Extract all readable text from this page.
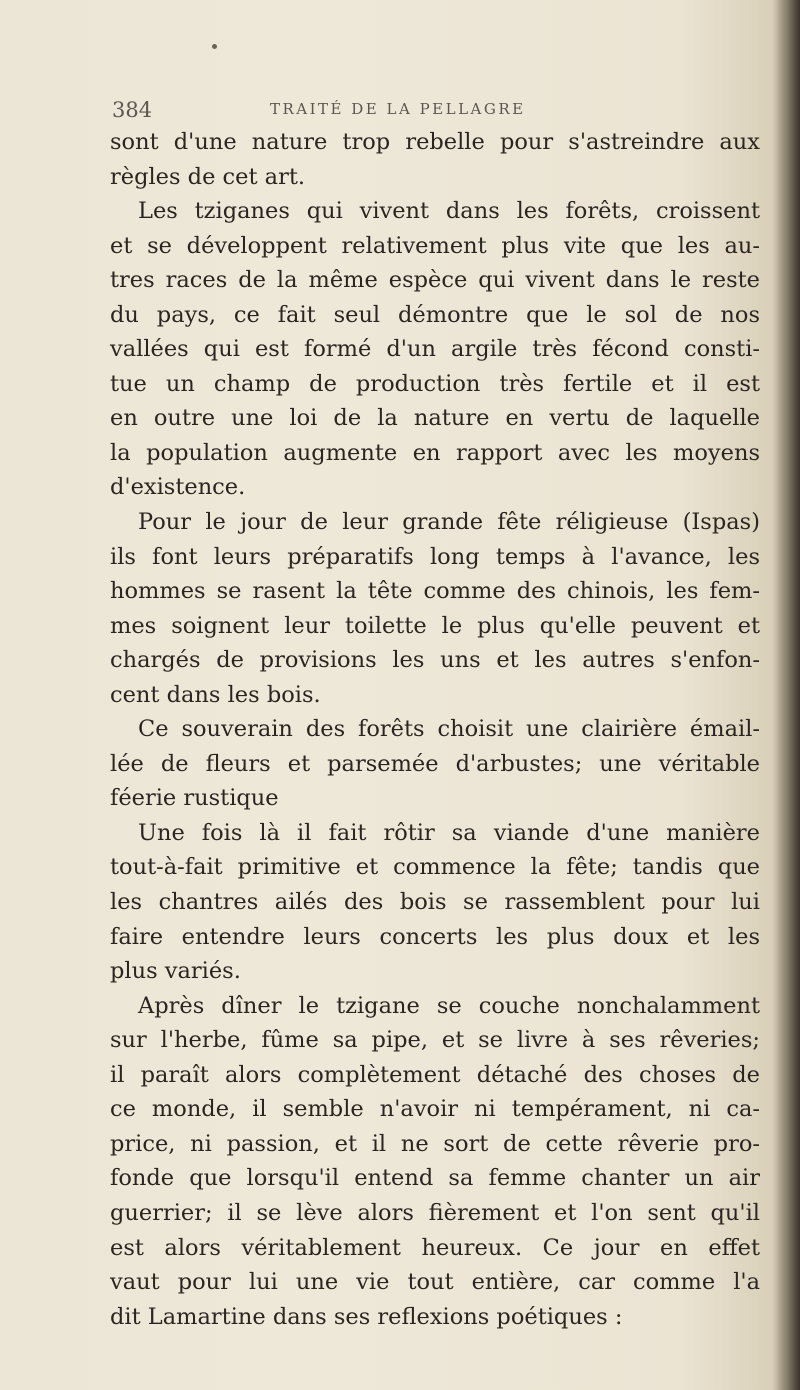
384	TRAITÉ DE LA PELLAGRE
sont d'une nature trop rebelle pour s'astreindre aux
règles de cet art.
Les tziganes qui vivent dans les forêts, croissent
et se développent relativement plus vite que les au-
tres races de la même espèce qui vivent dans le reste
du pays, ce fait seul démontre que le sol de nos
vallées qui est formé d'un argile très fécond consti-
tue un champ de production très fertile et il est
en outre une loi de la nature en vertu de laquelle
la population augmente en rapport avec les moyens
d'existence.
Pour le jour de leur grande fête réligieuse (Ispas)
ils font leurs préparatifs long temps à l'avance, les
hommes se rasent la tête comme des chinois, les fem-
mes soignent leur toilette le plus qu'elle peuvent et
chargés de provisions les uns et les autres s'enfon-
cent dans les bois.
Ce souverain des forêts choisit une clairière émail-
lée de fleurs et parsemée d'arbustes; une véritable
féerie rustique
Une fois là il fait rôtir sa viande d'une manière
tout-à-fait primitive et commence la fête; tandis que
les chantres ailés des bois se rassemblent pour lui
faire entendre leurs concerts les plus doux et les
plus variés.
Après dîner le tzigane se couche nonchalamment
sur l'herbe, fûme sa pipe, et se livre à ses rêveries;
il paraît alors complètement détaché des choses de
ce monde, il semble n'avoir ni tempérament, ni ca-
price, ni passion, et il ne sort de cette rêverie pro-
fonde que lorsqu'il entend sa femme chanter un air
guerrier; il se lève alors fièrement et l'on sent qu'il
est alors véritablement heureux. Ce jour en effet
vaut pour lui une vie tout entière, car comme l'a
dit Lamartine dans ses reflexions poétiques :
